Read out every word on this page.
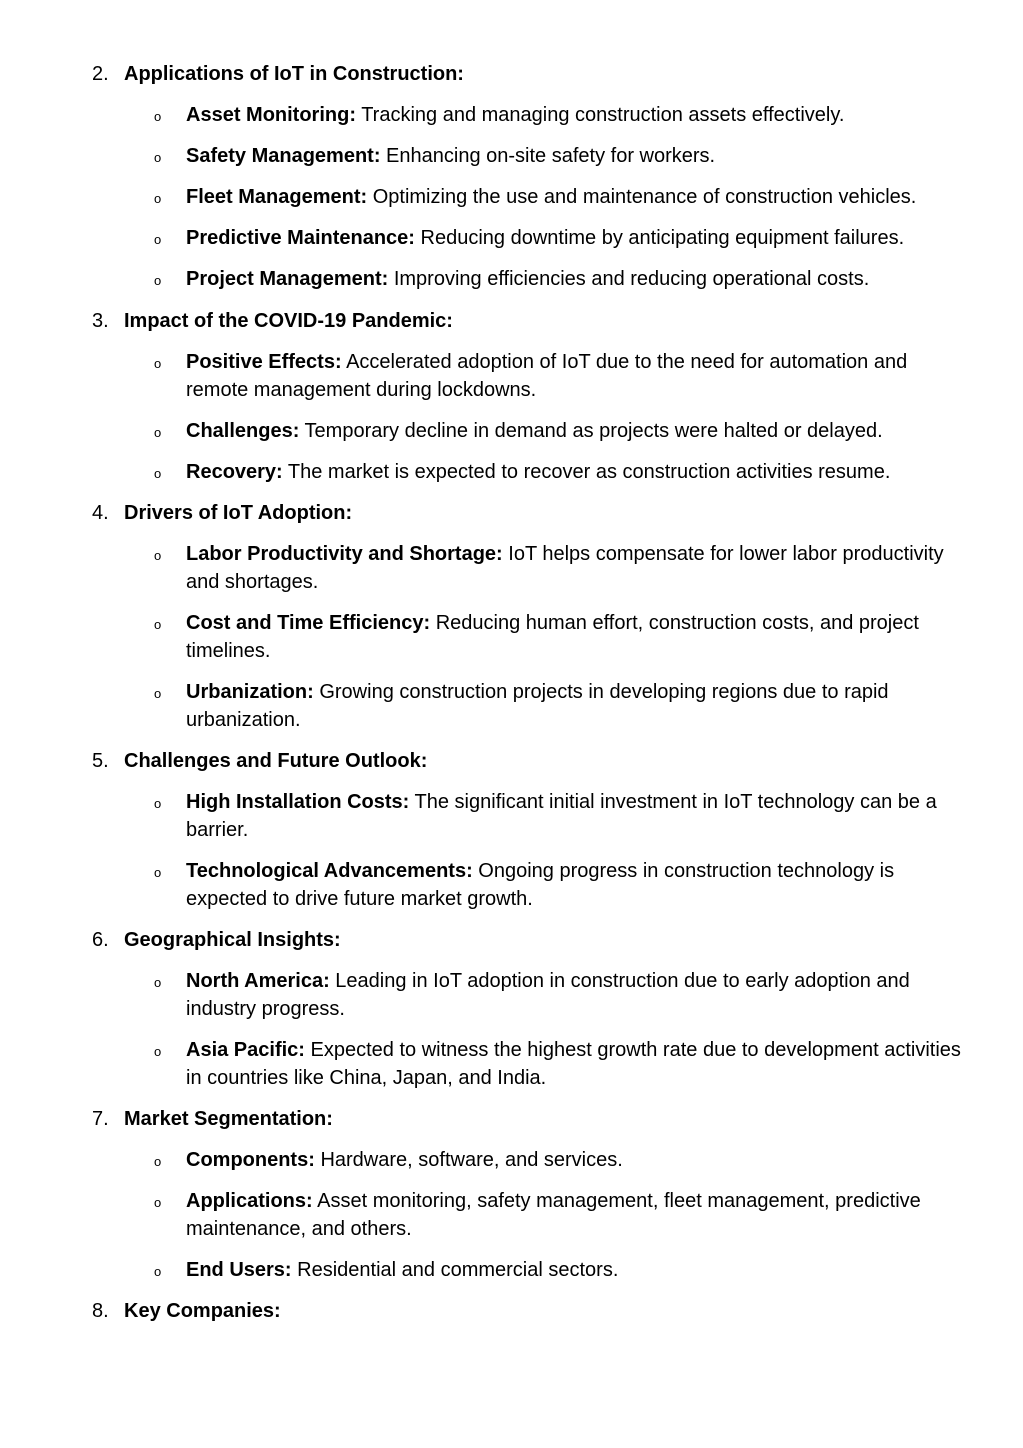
2. Applications of IoT in Construction:
o Asset Monitoring: Tracking and managing construction assets effectively.
o Safety Management: Enhancing on-site safety for workers.
o Fleet Management: Optimizing the use and maintenance of construction vehicles.
o Predictive Maintenance: Reducing downtime by anticipating equipment failures.
o Project Management: Improving efficiencies and reducing operational costs.
3. Impact of the COVID-19 Pandemic:
o Positive Effects: Accelerated adoption of IoT due to the need for automation and remote management during lockdowns.
o Challenges: Temporary decline in demand as projects were halted or delayed.
o Recovery: The market is expected to recover as construction activities resume.
4. Drivers of IoT Adoption:
o Labor Productivity and Shortage: IoT helps compensate for lower labor productivity and shortages.
o Cost and Time Efficiency: Reducing human effort, construction costs, and project timelines.
o Urbanization: Growing construction projects in developing regions due to rapid urbanization.
5. Challenges and Future Outlook:
o High Installation Costs: The significant initial investment in IoT technology can be a barrier.
o Technological Advancements: Ongoing progress in construction technology is expected to drive future market growth.
6. Geographical Insights:
o North America: Leading in IoT adoption in construction due to early adoption and industry progress.
o Asia Pacific: Expected to witness the highest growth rate due to development activities in countries like China, Japan, and India.
7. Market Segmentation:
o Components: Hardware, software, and services.
o Applications: Asset monitoring, safety management, fleet management, predictive maintenance, and others.
o End Users: Residential and commercial sectors.
8. Key Companies:
